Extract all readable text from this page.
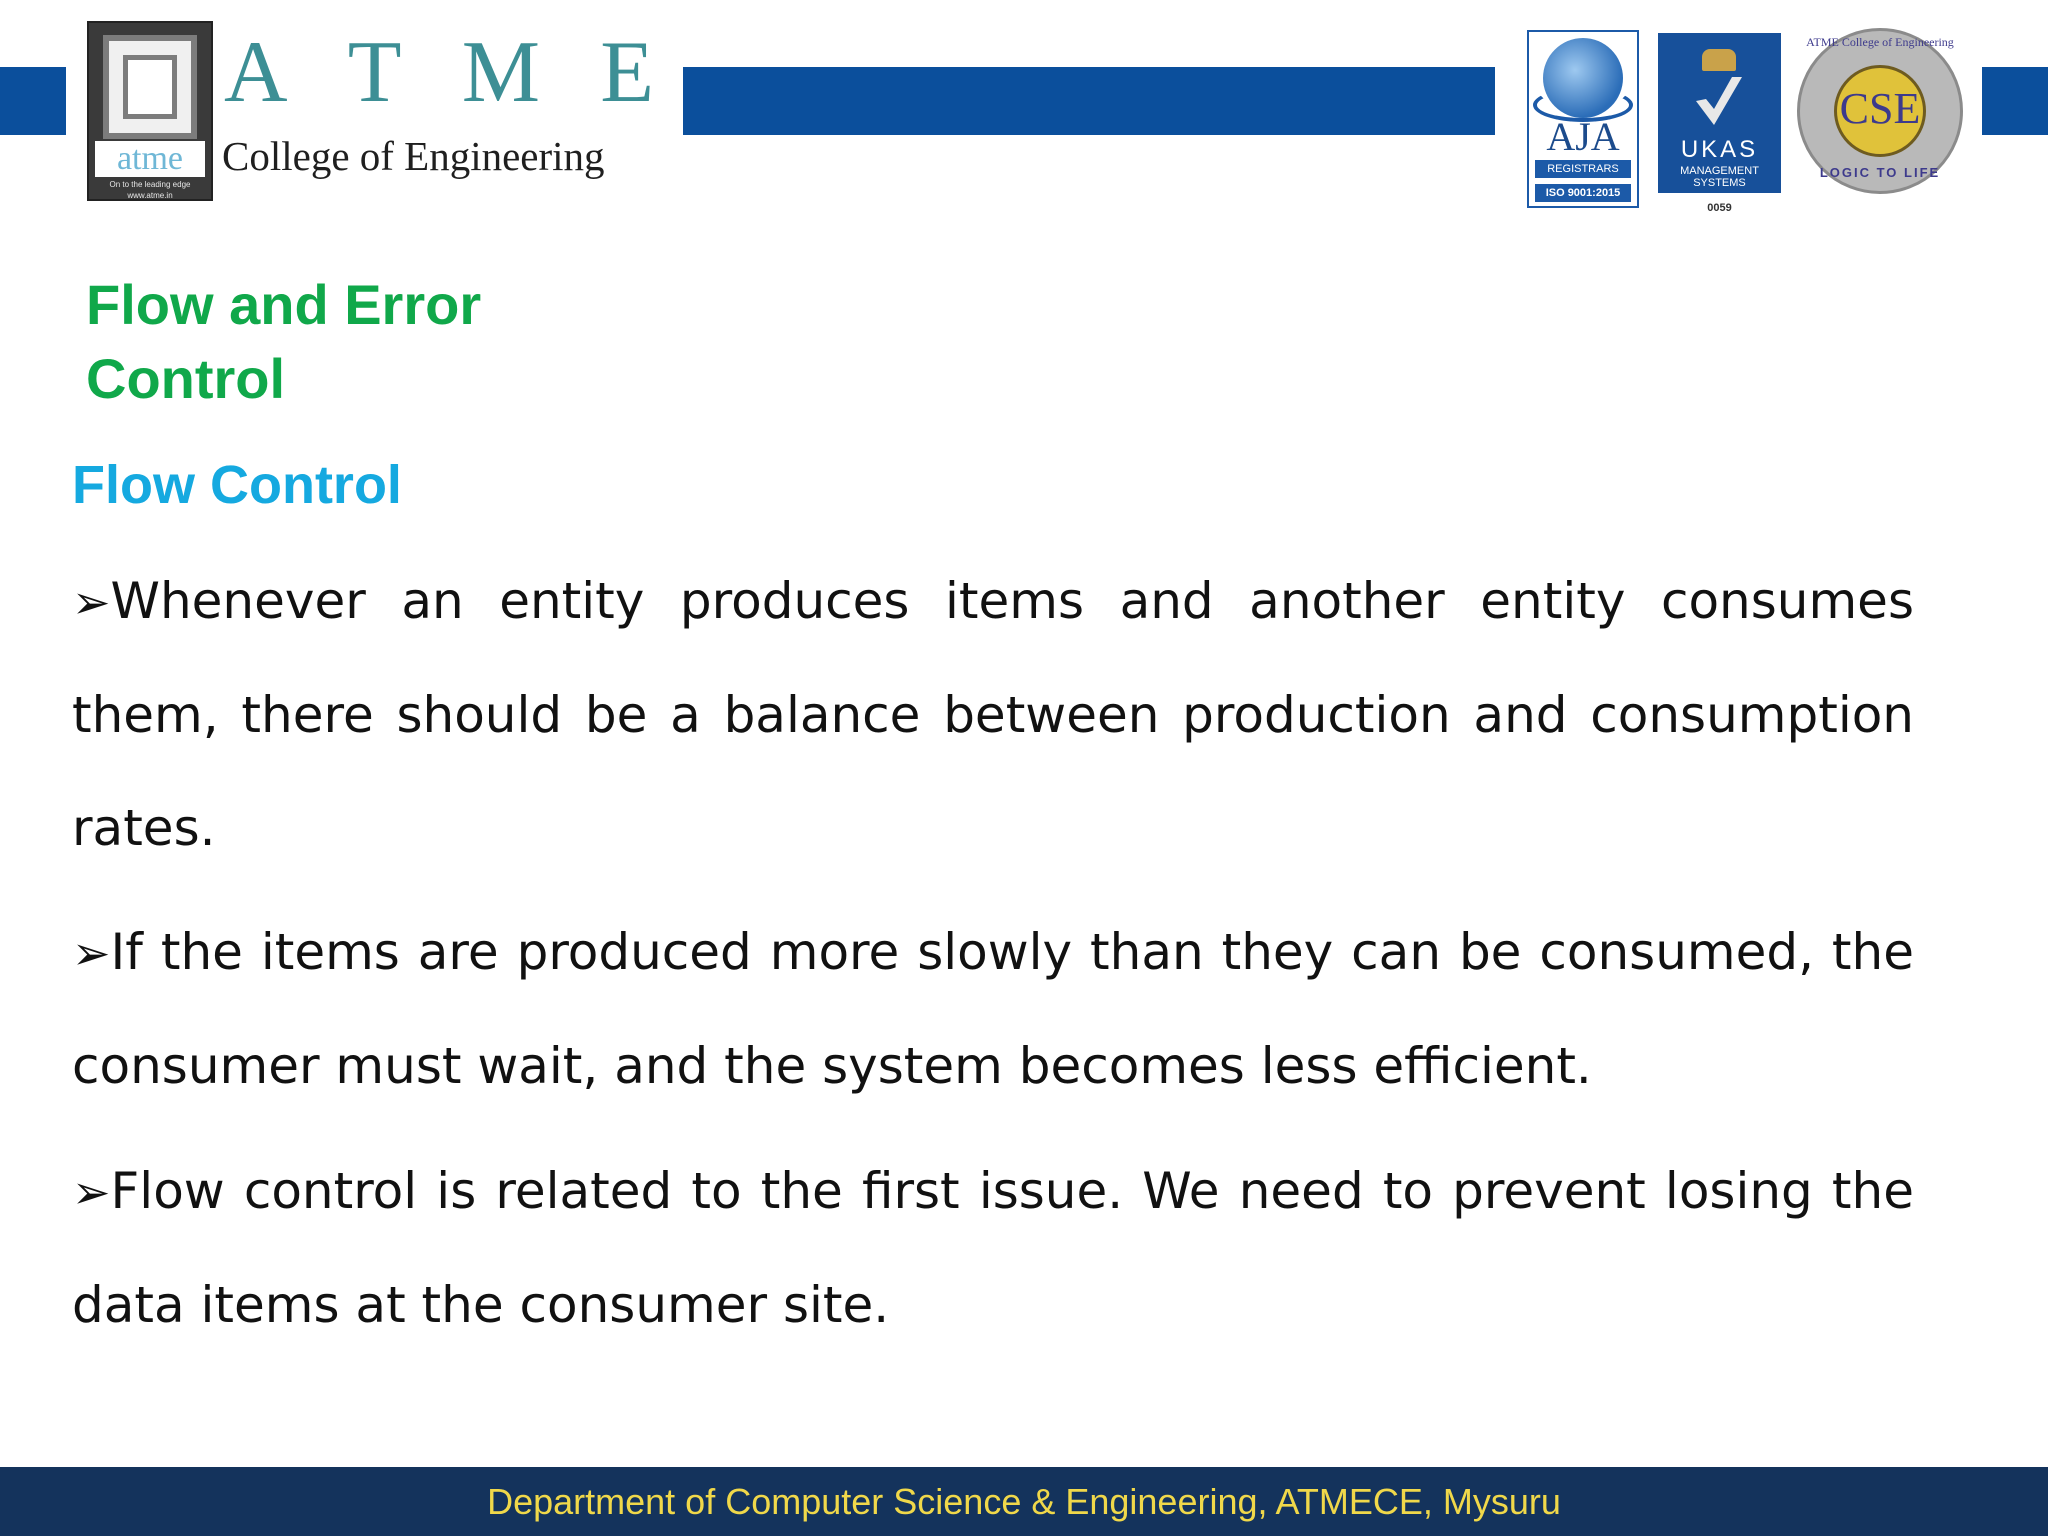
atme
On to the leading edge
www.atme.in
A T M E
College of Engineering	AJA
REGISTRARS
ISO 9001:2015
UKAS
MANAGEMENT
SYSTEMS
0059
ATME College of Engineering
CSE
LOGIC TO LIFE
Flow and Error Control
Flow Control
➢Whenever an entity produces items and another entity consumes them, there should be a balance between production and consumption rates.
➢If the items are produced more slowly than they can be consumed, the consumer must wait, and the system becomes less efficient.
➢Flow control is related to the first issue. We need to prevent losing the data items at the consumer site.
Department of Computer Science & Engineering, ATMECE, Mysuru
